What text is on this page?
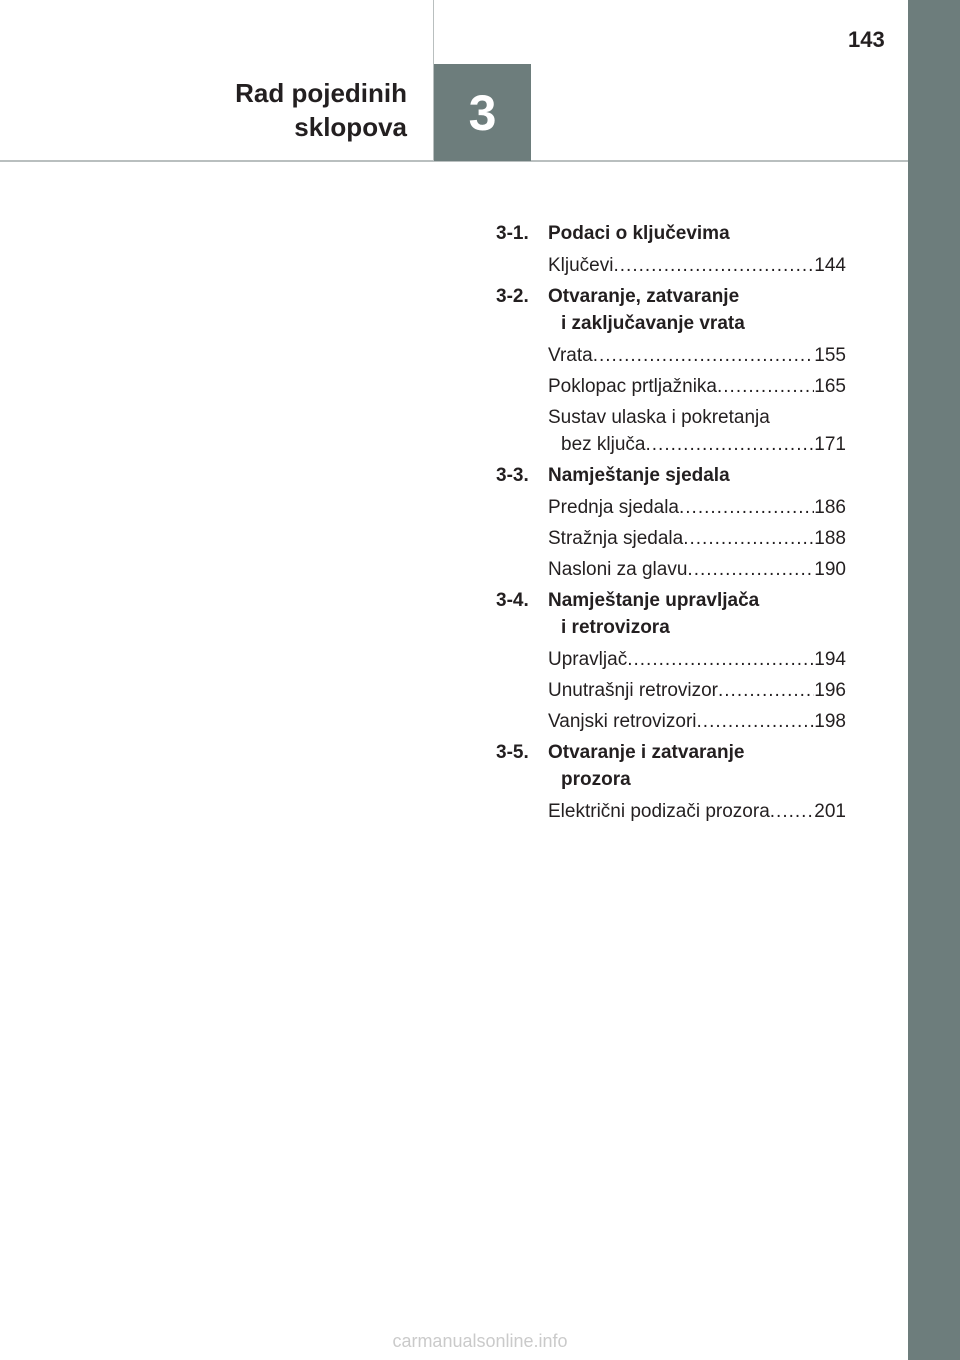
Rad pojedinih
sklopova	3
143
3-1.	Podaci o ključevima
Ključevi .....	144
3-2.	Otvaranje, zatvaranje
i zaključavanje vrata
Vrata .....	155
Poklopac prtljažnika .....	165
Sustav ulaska i pokretanja
bez ključa .....	171
3-3.	Namještanje sjedala
Prednja sjedala .....	186
Stražnja sjedala .....	188
Nasloni za glavu .....	190
3-4.	Namještanje upravljača
i retrovizora
Upravljač .....	194
Unutrašnji retrovizor .....	196
Vanjski retrovizori .....	198
3-5.	Otvaranje i zatvaranje
prozora
Električni podizači prozora ..... 201
carmanualsonline.info
